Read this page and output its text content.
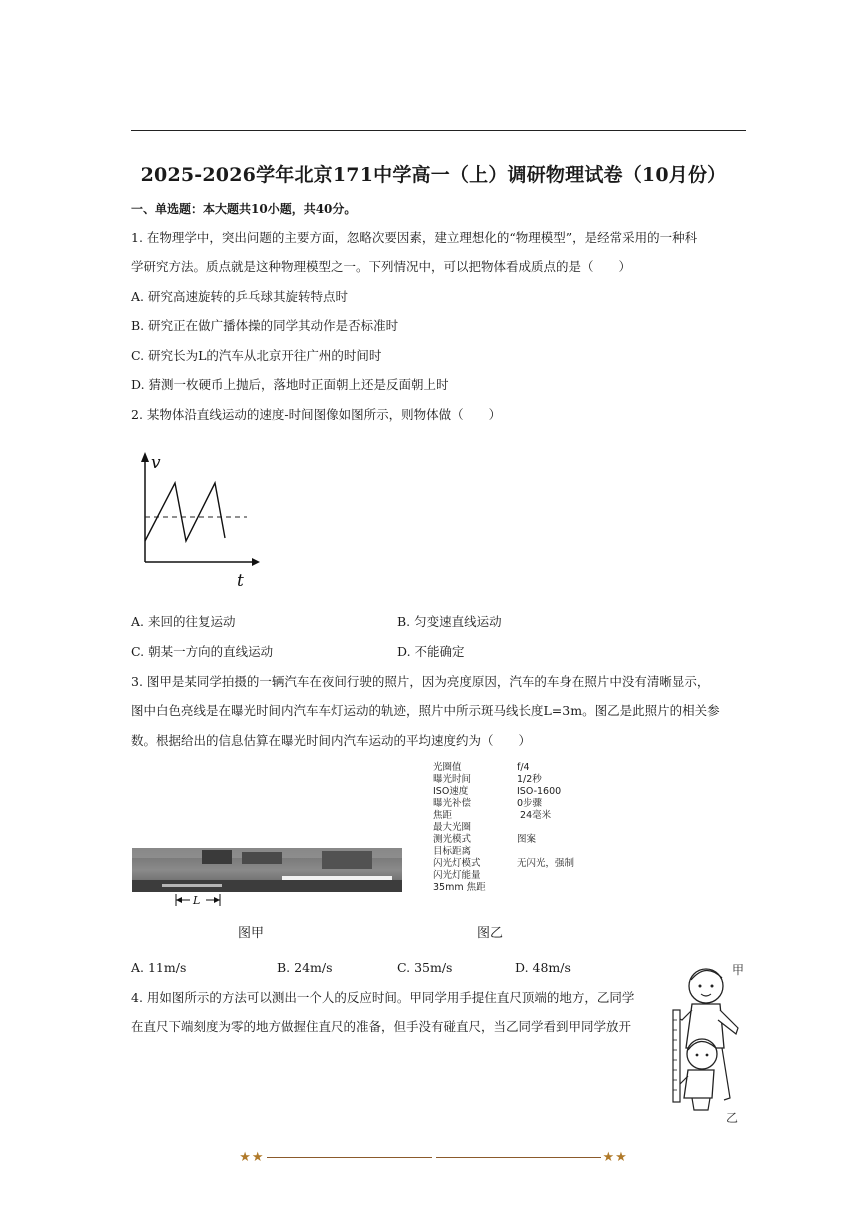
2025-2026学年北京171中学高一（上）调研物理试卷（10月份）
一、单选题：本大题共10小题，共40分。
1. 在物理学中，突出问题的主要方面，忽略次要因素，建立理想化的“物理模型”，是经常采用的一种科
学研究方法。质点就是这种物理模型之一。下列情况中，可以把物体看成质点的是（　　）
A. 研究高速旋转的乒乓球其旋转特点时
B. 研究正在做广播体操的同学其动作是否标准时
C. 研究长为L的汽车从北京开往广州的时间时
D. 猜测一枚硬币上抛后，落地时正面朝上还是反面朝上时
2. 某物体沿直线运动的速度-时间图像如图所示，则物体做（　　）
v
t
A. 来回的往复运动	B. 匀变速直线运动
C. 朝某一方向的直线运动	D. 不能确定
3. 图甲是某同学拍摄的一辆汽车在夜间行驶的照片，因为亮度原因，汽车的车身在照片中没有清晰显示，
图中白色亮线是在曝光时间内汽车车灯运动的轨迹，照片中所示斑马线长度L=3m。图乙是此照片的相关参
数。根据给出的信息估算在曝光时间内汽车运动的平均速度约为（　　）
L
光圈值	f/4
曝光时间	1/2秒
ISO速度	ISO-1600
曝光补偿	0步骤
焦距	24毫米
最大光圈
测光模式	图案
目标距离
闪光灯模式	无闪光，强制
闪光灯能量
35mm 焦距
图甲	图乙
A. 11m/s	B. 24m/s	C. 35m/s	D. 48m/s
4. 用如图所示的方法可以测出一个人的反应时间。甲同学用手提住直尺顶端的地方，乙同学
在直尺下端刻度为零的地方做握住直尺的准备，但手没有碰直尺，当乙同学看到甲同学放开
甲
乙
★★	★★
